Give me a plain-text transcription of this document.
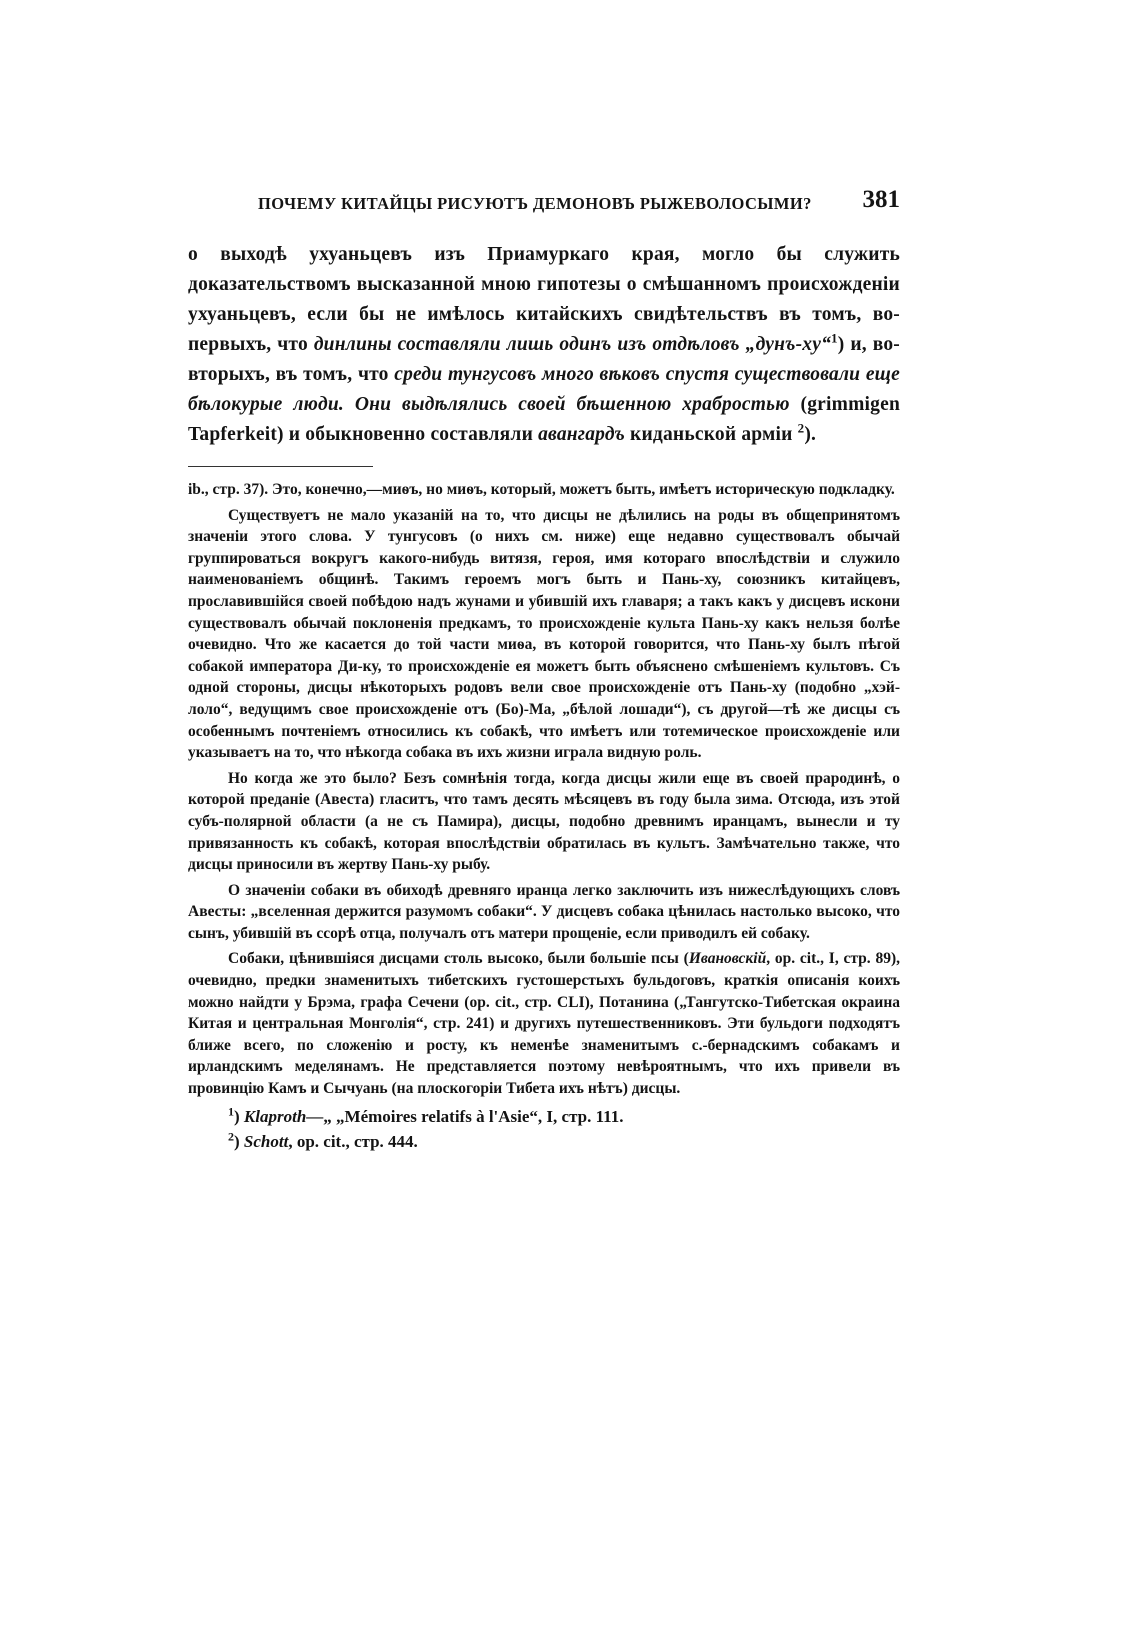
ПОЧЕМУ КИТАЙЦЫ РИСУЮТЪ ДЕМОНОВЪ РЫЖЕВОЛОСЫМИ? 381

о выходѣ ухуаньцевъ изъ Приамуркаго края, могло бы служить доказательствомъ высказанной мною гипотезы о смѣшанномъ происхожденіи ухуаньцевъ, если бы не имѣлось китайскихъ свидѣтельствъ въ томъ, во-первыхъ, что динлины составляли лишь одинъ изъ отдѣловъ „дунъ-ху“$^1$) и, во-вторыхъ, въ томъ, что среди тунгусовъ много вѣковъ спустя существовали еще бѣлокурые люди. Они выдѣлялись своей бѣшенною храбростью (grimmigen Tapferkeit) и обыкновенно составляли авангардъ киданьской арміи $^2$).

ib., стр. 37). Это, конечно,—миѳъ, но миѳъ, который, можетъ быть, имѣетъ историческую подкладку.

Существуетъ не мало указаній на то, что дисцы не дѣлились на роды въ общепринятомъ значеніи этого слова. У тунгусовъ (о нихъ см. ниже) еще недавно существовалъ обычай группироваться вокругъ какого-нибудь витязя, героя, имя котораго впослѣдствіи и служило наименованіемъ общинѣ. Такимъ героемъ могъ быть и Пань-ху, союзникъ китайцевъ, прославившійся своей побѣдою надъ жунами и убившій ихъ главаря; а такъ какъ у дисцевъ искони существовалъ обычай поклоненія предкамъ, то происхожденіе культа Пань-ху какъ нельзя болѣе очевидно. Что же касается до той части миѳа, въ которой говорится, что Пань-ху былъ пѣгой собакой императора Ди-ку, то происхожденіе ея можетъ быть объяснено смѣшеніемъ культовъ. Съ одной стороны, дисцы нѣкоторыхъ родовъ вели свое происхожденіе отъ Пань-ху (подобно „хэй-лоло“, ведущимъ свое происхожденіе отъ (Бо)-Ма, „бѣлой лошади“), съ другой—тѣ же дисцы съ особеннымъ почтеніемъ относились къ собакѣ, что имѣетъ или тотемическое происхожденіе или указываетъ на то, что нѣкогда собака въ ихъ жизни играла видную роль.

Но когда же это было? Безъ сомнѣнія тогда, когда дисцы жили еще въ своей прародинѣ, о которой преданіе (Авеста) гласитъ, что тамъ десять мѣсяцевъ въ году была зима. Отсюда, изъ этой субъ-полярной области (а не съ Памира), дисцы, подобно древнимъ иранцамъ, вынесли и ту привязанность къ собакѣ, которая впослѣдствіи обратилась въ культъ. Замѣчательно также, что дисцы приносили въ жертву Пань-ху рыбу.

О значеніи собаки въ обиходѣ древняго иранца легко заключить изъ нижеслѣдующихъ словъ Авесты: „вселенная держится разумомъ собаки“. У дисцевъ собака цѣнилась настолько высоко, что сынъ, убившій въ ссорѣ отца, получалъ отъ матери прощеніе, если приводилъ ей собаку.

Собаки, цѣнившіяся дисцами столь высоко, были большіе псы (Ивановскій, op. cit., I, стр. 89), очевидно, предки знаменитыхъ тибетскихъ густошерстыхъ бульдоговъ, краткія описанія коихъ можно найдти у Брэма, графа Сечени (op. cit., стр. CLI), Потанина („Тангутско-Тибетская окраина Китая и центральная Монголія“, стр. 241) и другихъ путешественниковъ. Эти бульдоги подходятъ ближе всего, по сложенію и росту, къ неменѣе знаменитымъ с.-бернадскимъ собакамъ и ирландскимъ меделянамъ. Не представляется поэтому невѣроятнымъ, что ихъ привели въ провинцію Камъ и Сычуань (на плоскогоріи Тибета ихъ нѣтъ) дисцы.

$^1$) Klaproth—„ „Mémoires relatifs à l'Asie“, I, стр. 111.
$^2$) Schott, op. cit., стр. 444.
